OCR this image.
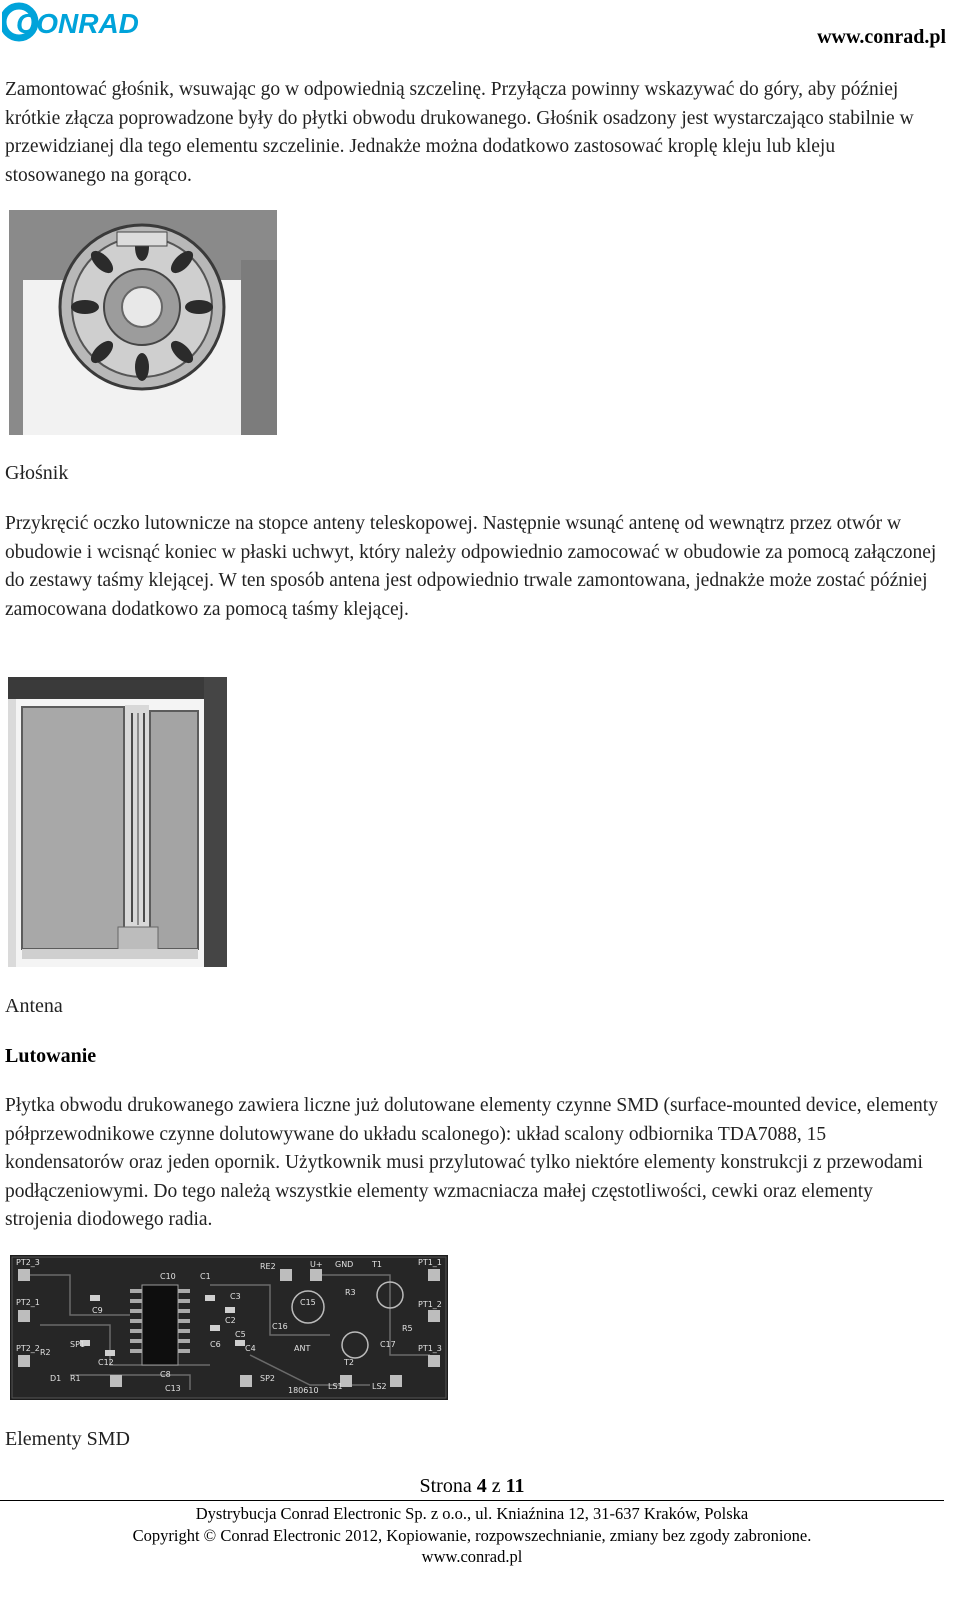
CONRAD	www.conrad.pl

Zamontować głośnik, wsuwając go w odpowiednią szczelinę. Przyłącza powinny wskazywać do góry, aby później krótkie złącza poprowadzone były do płytki obwodu drukowanego. Głośnik osadzony jest wystarczająco stabilnie w przewidzianej dla tego elementu szczelinie. Jednakże można dodatkowo zastosować kroplę kleju lub kleju stosowanego na gorąco.

Głośnik

Przykręcić oczko lutownicze na stopce anteny teleskopowej. Następnie wsunąć antenę od wewnątrz przez otwór w obudowie i wcisnąć koniec w płaski uchwyt, który należy odpowiednio zamocować w obudowie za pomocą załączonej do zestawy taśmy klejącej. W ten sposób antena jest odpowiednio trwale zamontowana, jednakże może zostać później zamocowana dodatkowo za pomocą taśmy klejącej.

Antena
Lutowanie

Płytka obwodu drukowanego zawiera liczne już dolutowane elementy czynne SMD (surface-mounted device, elementy półprzewodnikowe czynne dolutowywane do układu scalonego): układ scalony odbiornika TDA7088, 15 kondensatorów oraz jeden opornik. Użytkownik musi przylutować tylko niektóre elementy konstrukcji z przewodami podłączeniowymi. Do tego należą wszystkie elementy wzmacniacza małej częstotliwości, cewki oraz elementy strojenia diodowego radia.

PT2_3
C1
C10
RE2	U+ GND T1	PT1_1
C9
C3
C2
C15
R3
PT1_2
SP1
C12
C5
C16
C4	ANT
C6	C17
R5
PT2_1
R2
PT2_2
C8
C13
SP2
LS1	LS2
PT1_3
D1 R1
T2
180610
Elementy SMD
Strona 4 z 11
Dystrybucja Conrad Electronic Sp. z o.o., ul. Kniaźnina 12, 31-637 Kraków, Polska
Copyright © Conrad Electronic 2012, Kopiowanie, rozpowszechnianie, zmiany bez zgody zabronione.
www.conrad.pl
